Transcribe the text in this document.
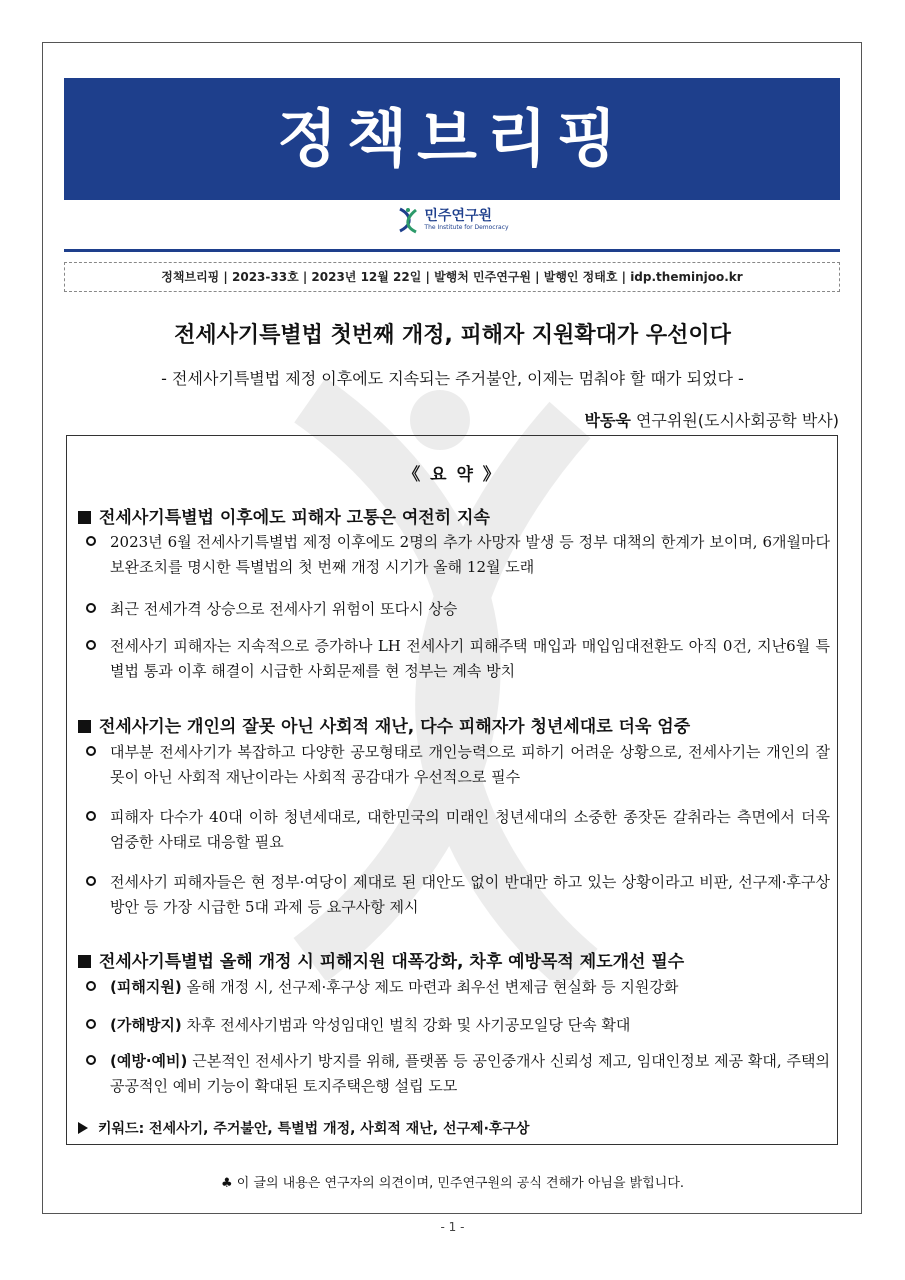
정책브리핑
민주연구원
The Institute for Democracy
정책브리핑 | 2023-33호 | 2023년 12월 22일 | 발행처 민주연구원 | 발행인 정태호 | idp.theminjoo.kr
전세사기특별법 첫번째 개정, 피해자 지원확대가 우선이다
- 전세사기특별법 제정 이후에도 지속되는 주거불안, 이제는 멈춰야 할 때가 되었다 -
박동욱 연구위원(도시사회공학 박사)
《 요 약 》
전세사기특별법 이후에도 피해자 고통은 여전히 지속
2023년 6월 전세사기특별법 제정 이후에도 2명의 추가 사망자 발생 등 정부 대책의 한계가 보이며, 6개월마다 보완조치를 명시한 특별법의 첫 번째 개정 시기가 올해 12월 도래
최근 전세가격 상승으로 전세사기 위험이 또다시 상승
전세사기 피해자는 지속적으로 증가하나 LH 전세사기 피해주택 매입과 매입임대전환도 아직 0건, 지난6월 특별법 통과 이후 해결이 시급한 사회문제를 현 정부는 계속 방치
전세사기는 개인의 잘못 아닌 사회적 재난, 다수 피해자가 청년세대로 더욱 엄중
대부분 전세사기가 복잡하고 다양한 공모형태로 개인능력으로 피하기 어려운 상황으로, 전세사기는 개인의 잘못이 아닌 사회적 재난이라는 사회적 공감대가 우선적으로 필수
피해자 다수가 40대 이하 청년세대로, 대한민국의 미래인 청년세대의 소중한 종잣돈 갈취라는 측면에서 더욱 엄중한 사태로 대응할 필요
전세사기 피해자들은 현 정부·여당이 제대로 된 대안도 없이 반대만 하고 있는 상황이라고 비판, 선구제·후구상 방안 등 가장 시급한 5대 과제 등 요구사항 제시
전세사기특별법 올해 개정 시 피해지원 대폭강화, 차후 예방목적 제도개선 필수
(피해지원) 올해 개정 시, 선구제·후구상 제도 마련과 최우선 변제금 현실화 등 지원강화
(가해방지) 차후 전세사기범과 악성임대인 벌칙 강화 및 사기공모일당 단속 확대
(예방·예비) 근본적인 전세사기 방지를 위해, 플랫폼 등 공인중개사 신뢰성 제고, 임대인정보 제공 확대, 주택의 공공적인 예비 기능이 확대된 토지주택은행 설립 도모
키워드: 전세사기, 주거불안, 특별법 개정, 사회적 재난, 선구제·후구상
♣ 이 글의 내용은 연구자의 의견이며, 민주연구원의 공식 견해가 아님을 밝힙니다.
- 1 -
